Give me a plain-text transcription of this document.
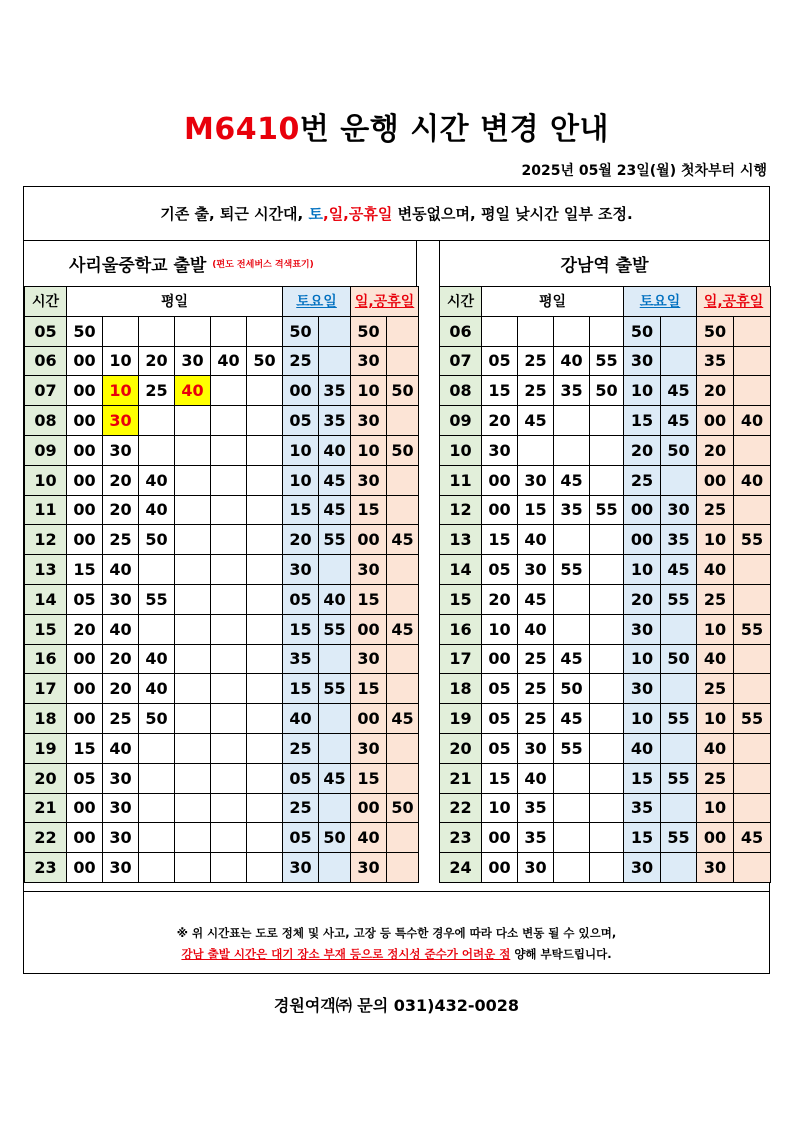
M6410번 운행 시간 변경 안내
2025년 05월 23일(월) 첫차부터 시행
기존 출, 퇴근 시간대, 토,일,공휴일 변동없으며, 평일 낮시간 일부 조정.
사리울중학교 출발 (편도 전세버스 격색표기)	강남역 출발
시간	평일						토요일		일,공휴일	
05	50						50		50	
06	00	10	20	30	40	50	25		30	
07	00	10	25	40			00	35	10	50
08	00	30					05	35	30	
09	00	30					10	40	10	50
10	00	20	40				10	45	30	
11	00	20	40				15	45	15	
12	00	25	50				20	55	00	45
13	15	40					30		30	
14	05	30	55				05	40	15	
15	20	40					15	55	00	45
16	00	20	40				35		30	
17	00	20	40				15	55	15	
18	00	25	50				40		00	45
19	15	40					25		30	
20	05	30					05	45	15	
21	00	30					25		00	50
22	00	30					05	50	40	
23	00	30					30		30	
시간	평일				토요일		일,공휴일	
06					50		50	
07	05	25	40	55	30		35	
08	15	25	35	50	10	45	20	
09	20	45			15	45	00	40
10	30				20	50	20	
11	00	30	45		25		00	40
12	00	15	35	55	00	30	25	
13	15	40			00	35	10	55
14	05	30	55		10	45	40	
15	20	45			20	55	25	
16	10	40			30		10	55
17	00	25	45		10	50	40	
18	05	25	50		30		25	
19	05	25	45		10	55	10	55
20	05	30	55		40		40	
21	15	40			15	55	25	
22	10	35			35		10	
23	00	35			15	55	00	45
24	00	30			30		30	
※ 위 시간표는 도로 정체 및 사고, 고장 등 특수한 경우에 따라 다소 변동 될 수 있으며,
강남 출발 시간은 대기 장소 부재 등으로 정시성 준수가 어려운 점 양해 부탁드립니다.
경원여객㈜ 문의 031)432-0028
